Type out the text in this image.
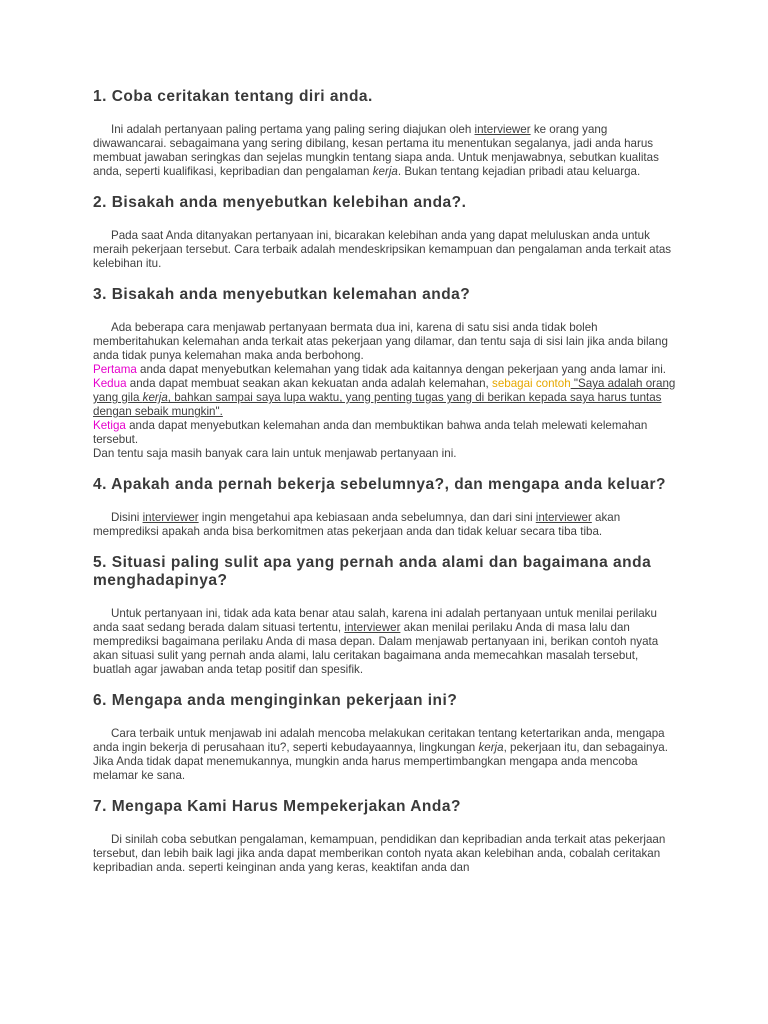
1. Coba ceritakan tentang diri anda.

Ini adalah pertanyaan paling pertama yang paling sering diajukan oleh interviewer ke orang yang diwawancarai. sebagaimana yang sering dibilang, kesan pertama itu menentukan segalanya, jadi anda harus membuat jawaban seringkas dan sejelas mungkin tentang siapa anda. Untuk menjawabnya, sebutkan kualitas anda, seperti kualifikasi, kepribadian dan pengalaman kerja. Bukan tentang kejadian pribadi atau keluarga.

2. Bisakah anda menyebutkan kelebihan anda?.

Pada saat Anda ditanyakan pertanyaan ini, bicarakan kelebihan anda yang dapat meluluskan anda untuk meraih pekerjaan tersebut. Cara terbaik adalah mendeskripsikan kemampuan dan pengalaman anda terkait atas kelebihan itu.

3. Bisakah anda menyebutkan kelemahan anda?
Ada beberapa cara menjawab pertanyaan bermata dua ini, karena di satu sisi anda tidak boleh memberitahukan kelemahan anda terkait atas pekerjaan yang dilamar, dan tentu saja di sisi lain jika anda bilang anda tidak punya kelemahan maka anda berbohong.
Pertama anda dapat menyebutkan kelemahan yang tidak ada kaitannya dengan pekerjaan yang anda lamar ini.
Kedua anda dapat membuat seakan akan kekuatan anda adalah kelemahan, sebagai contoh "Saya adalah orang yang gila kerja, bahkan sampai saya lupa waktu, yang penting tugas yang di berikan kepada saya harus tuntas dengan sebaik mungkin".
Ketiga anda dapat menyebutkan kelemahan anda dan membuktikan bahwa anda telah melewati kelemahan tersebut.
Dan tentu saja masih banyak cara lain untuk menjawab pertanyaan ini.
4. Apakah anda pernah bekerja sebelumnya?, dan mengapa anda keluar?

Disini interviewer ingin mengetahui apa kebiasaan anda sebelumnya, dan dari sini interviewer akan memprediksi apakah anda bisa berkomitmen atas pekerjaan anda dan tidak keluar secara tiba tiba.

5. Situasi paling sulit apa yang pernah anda alami dan bagaimana anda menghadapinya?

Untuk pertanyaan ini, tidak ada kata benar atau salah, karena ini adalah pertanyaan untuk menilai perilaku anda saat sedang berada dalam situasi tertentu, interviewer akan menilai perilaku Anda di masa lalu dan memprediksi bagaimana perilaku Anda di masa depan. Dalam menjawab pertanyaan ini, berikan contoh nyata akan situasi sulit yang pernah anda alami, lalu ceritakan bagaimana anda memecahkan masalah tersebut, buatlah agar jawaban anda tetap positif dan spesifik.

6. Mengapa anda menginginkan pekerjaan ini?

Cara terbaik untuk menjawab ini adalah mencoba melakukan ceritakan tentang ketertarikan anda, mengapa anda ingin bekerja di perusahaan itu?, seperti kebudayaannya, lingkungan kerja, pekerjaan itu, dan sebagainya. Jika Anda tidak dapat menemukannya, mungkin anda harus mempertimbangkan mengapa anda mencoba melamar ke sana.

7. Mengapa Kami Harus Mempekerjakan Anda?

Di sinilah coba sebutkan pengalaman, kemampuan, pendidikan dan kepribadian anda terkait atas pekerjaan tersebut, dan lebih baik lagi jika anda dapat memberikan contoh nyata akan kelebihan anda, cobalah ceritakan kepribadian anda. seperti keinginan anda yang keras, keaktifan anda dan
